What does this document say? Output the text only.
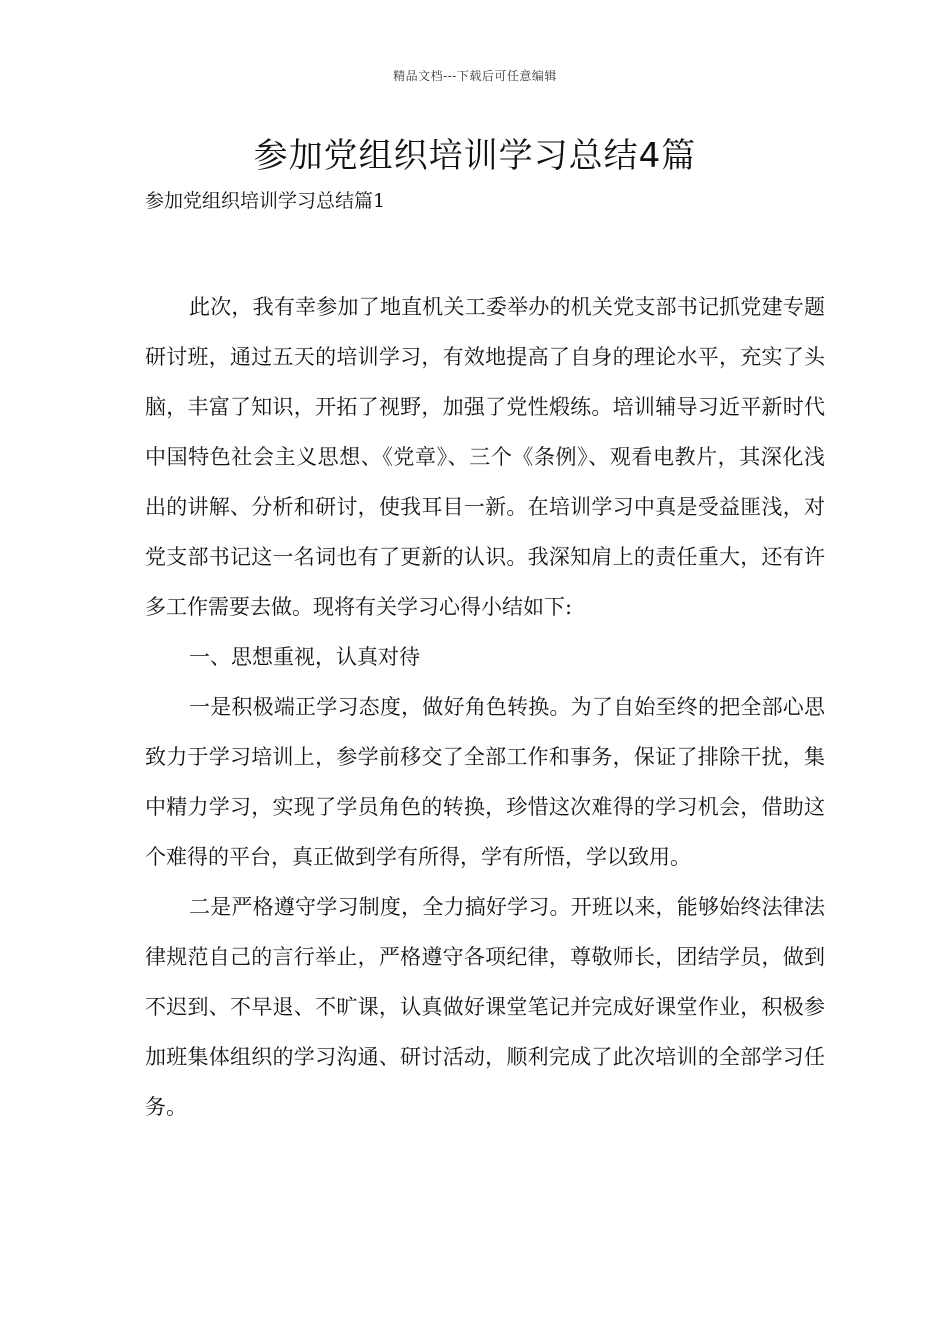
精品文档---下载后可任意编辑
参加党组织培训学习总结4篇
参加党组织培训学习总结篇1

此次，我有幸参加了地直机关工委举办的机关党支部书记抓党建专题研讨班，通过五天的培训学习，有效地提高了自身的理论水平，充实了头脑，丰富了知识，开拓了视野，加强了党性煅练。培训辅导习近平新时代中国特色社会主义思想、《党章》、三个《条例》、观看电教片，其深化浅出的讲解、分析和研讨，使我耳目一新。在培训学习中真是受益匪浅，对党支部书记这一名词也有了更新的认识。我深知肩上的责任重大，还有许多工作需要去做。现将有关学习心得小结如下:

一、思想重视，认真对待

一是积极端正学习态度，做好角色转换。为了自始至终的把全部心思致力于学习培训上，参学前移交了全部工作和事务，保证了排除干扰，集中精力学习，实现了学员角色的转换，珍惜这次难得的学习机会，借助这个难得的平台，真正做到学有所得，学有所悟，学以致用。

二是严格遵守学习制度，全力搞好学习。开班以来，能够始终法律法律规范自己的言行举止，严格遵守各项纪律，尊敬师长，团结学员，做到不迟到、不早退、不旷课，认真做好课堂笔记并完成好课堂作业，积极参加班集体组织的学习沟通、研讨活动，顺利完成了此次培训的全部学习任务。
